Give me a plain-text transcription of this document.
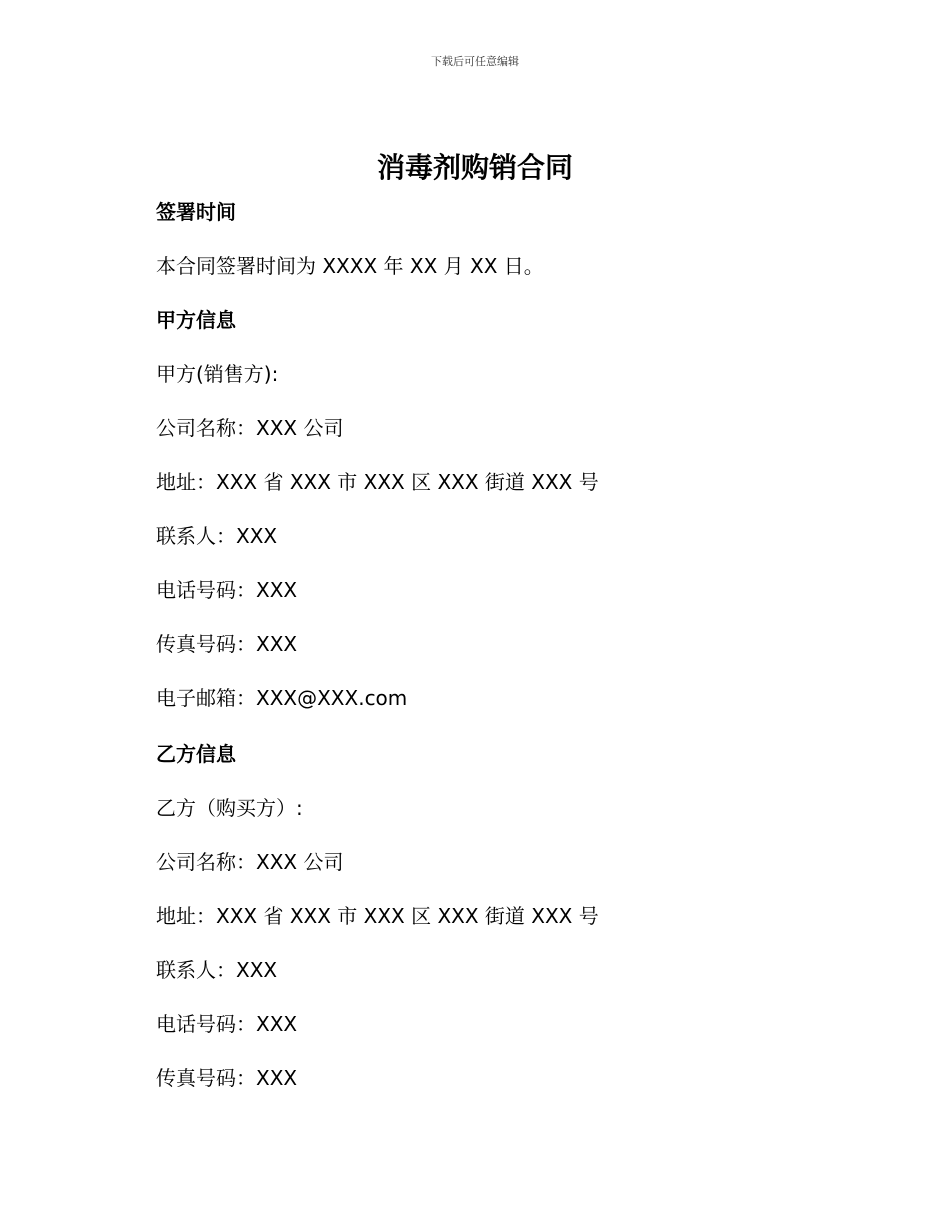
下载后可任意编辑
消毒剂购销合同
签署时间
本合同签署时间为 XXXX 年 XX 月 XX 日。
甲方信息
甲方(销售方):
公司名称：XXX 公司
地址：XXX 省 XXX 市 XXX 区 XXX 街道 XXX 号
联系人：XXX
电话号码：XXX
传真号码：XXX
电子邮箱：XXX@XXX.com
乙方信息
乙方（购买方）:
公司名称：XXX 公司
地址：XXX 省 XXX 市 XXX 区 XXX 街道 XXX 号
联系人：XXX
电话号码：XXX
传真号码：XXX
